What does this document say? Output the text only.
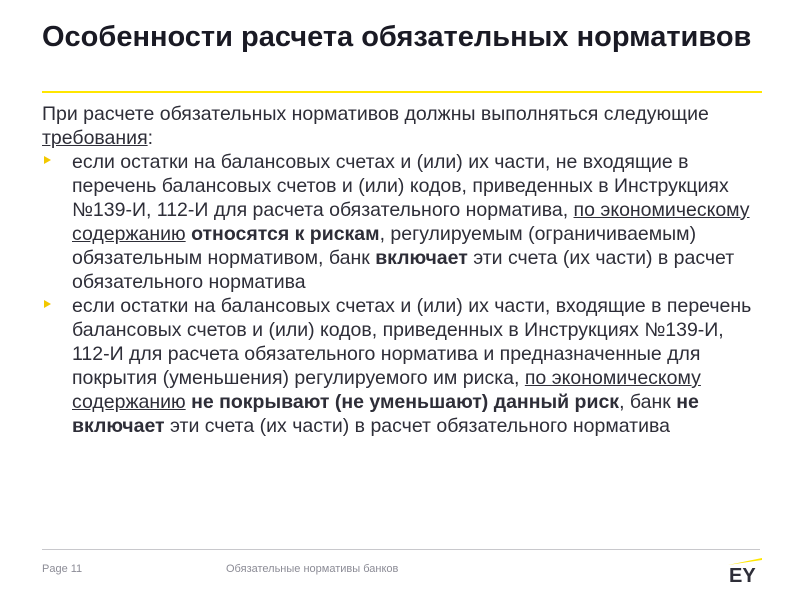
Особенности расчета обязательных нормативов
При расчете обязательных нормативов должны выполняться следующие требования:
если остатки на балансовых счетах и (или) их части, не входящие в перечень балансовых счетов и (или) кодов, приведенных в Инструкциях №139-И, 112-И для расчета обязательного норматива, по экономическому содержанию относятся к рискам, регулируемым (ограничиваемым) обязательным нормативом, банк включает эти счета (их части) в расчет обязательного норматива
если остатки на балансовых счетах и (или) их части, входящие в перечень балансовых счетов и (или) кодов, приведенных в Инструкциях №139-И, 112-И для расчета обязательного норматива и предназначенные для покрытия (уменьшения) регулируемого им риска, по экономическому содержанию не покрывают (не уменьшают) данный риск, банк не включает эти счета (их части) в расчет обязательного норматива
Page 11	Обязательные нормативы банков	EY
